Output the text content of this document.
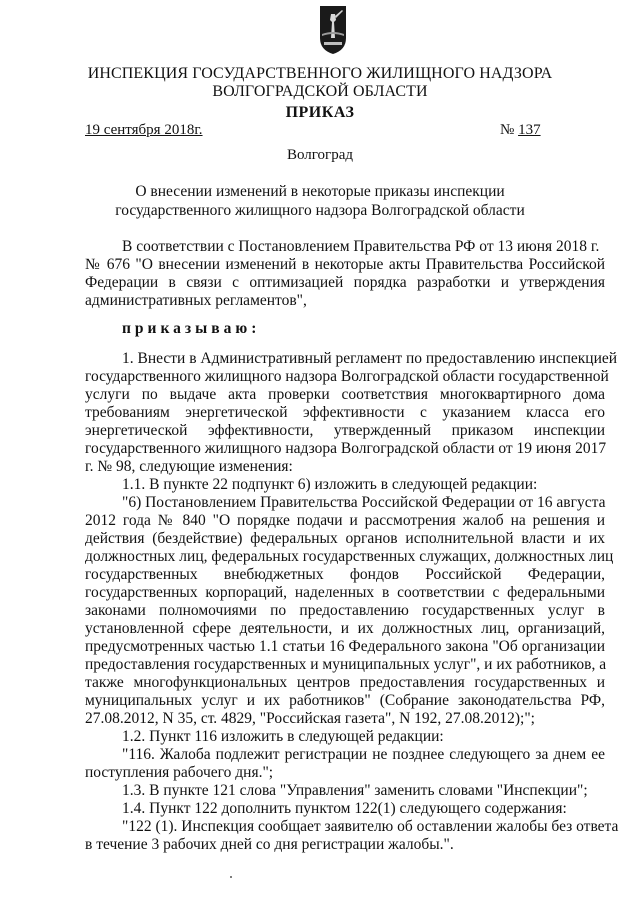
ИНСПЕКЦИЯ ГОСУДАРСТВЕННОГО ЖИЛИЩНОГО НАДЗОРА
ВОЛГОГРАДСКОЙ ОБЛАСТИ
ПРИКАЗ
19 сентября 2018г.	№ 137
Волгоград
О внесении изменений в некоторые приказы инспекции
государственного жилищного надзора Волгоградской области
В соответствии с Постановлением Правительства РФ от 13 июня 2018 г.
№ 676 "О внесении изменений в некоторые акты Правительства Российской
Федерации в связи с оптимизацией порядка разработки и утверждения
административных регламентов",
приказываю:
1. Внести в Административный регламент по предоставлению инспекцией
государственного жилищного надзора Волгоградской области государственной
услуги по выдаче акта проверки соответствия многоквартирного дома
требованиям энергетической эффективности с указанием класса его
энергетической эффективности, утвержденный приказом инспекции
государственного жилищного надзора Волгоградской области от 19 июня 2017
г. № 98, следующие изменения:
1.1. В пункте 22 подпункт 6) изложить в следующей редакции:
"6) Постановлением Правительства Российской Федерации от 16 августа
2012 года № 840 "О порядке подачи и рассмотрения жалоб на решения и
действия (бездействие) федеральных органов исполнительной власти и их
должностных лиц, федеральных государственных служащих, должностных лиц
государственных внебюджетных фондов Российской Федерации,
государственных корпораций, наделенных в соответствии с федеральными
законами полномочиями по предоставлению государственных услуг в
установленной сфере деятельности, и их должностных лиц, организаций,
предусмотренных частью 1.1 статьи 16 Федерального закона "Об организации
предоставления государственных и муниципальных услуг", и их работников, а
также многофункциональных центров предоставления государственных и
муниципальных услуг и их работников" (Собрание законодательства РФ,
27.08.2012, N 35, ст. 4829, "Российская газета", N 192, 27.08.2012);";
1.2. Пункт 116 изложить в следующей редакции:
"116. Жалоба подлежит регистрации не позднее следующего за днем ее
поступления рабочего дня.";
1.3. В пункте 121 слова "Управления" заменить словами "Инспекции";
1.4. Пункт 122 дополнить пунктом 122(1) следующего содержания:
"122 (1). Инспекция сообщает заявителю об оставлении жалобы без ответа
в течение 3 рабочих дней со дня регистрации жалобы.".
